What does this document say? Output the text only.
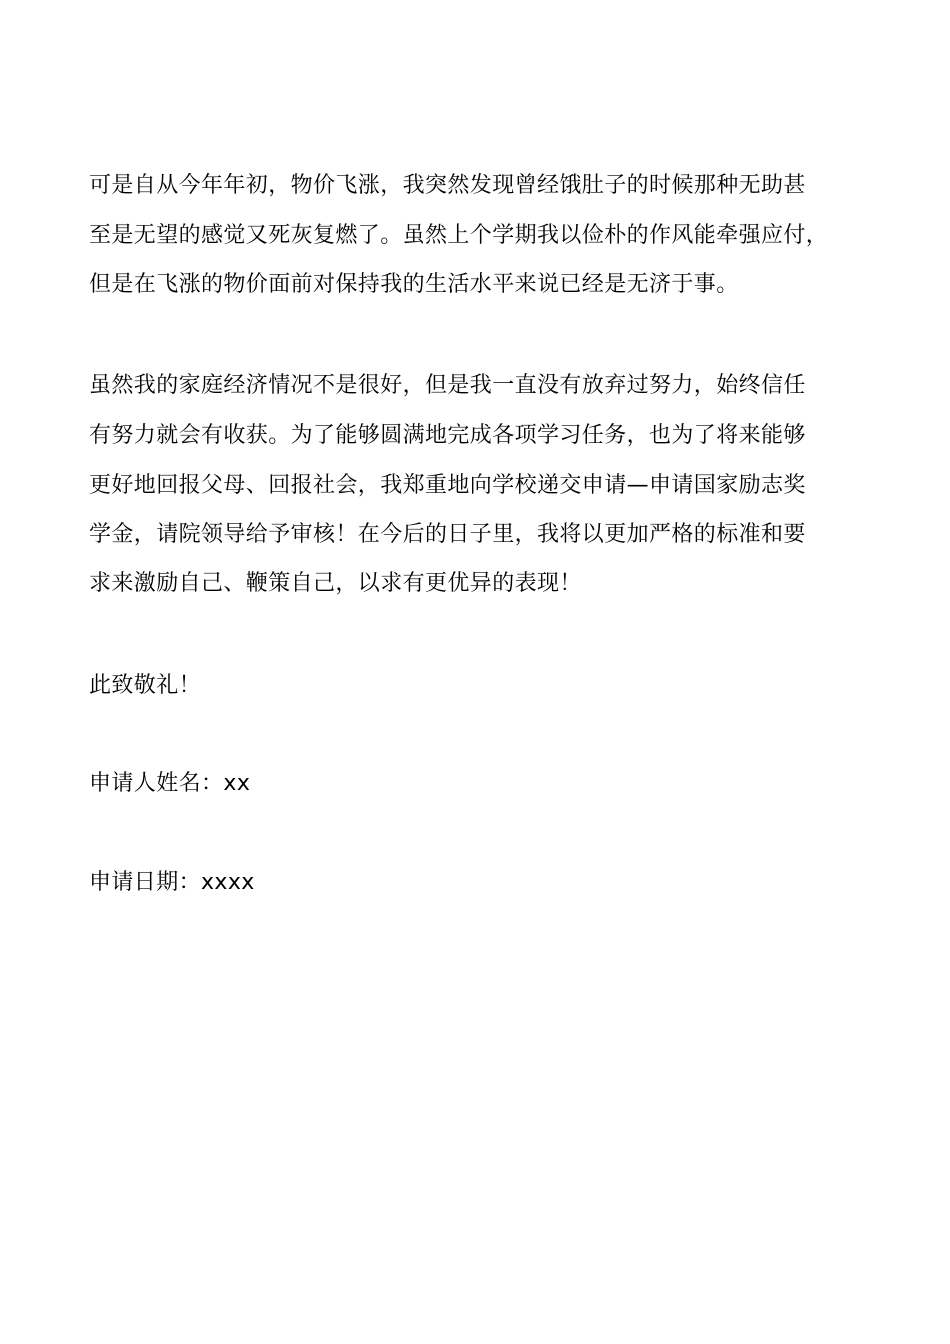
可是自从今年年初，物价飞涨，我突然发现曾经饿肚子的时候那种无助甚
至是无望的感觉又死灰复燃了。虽然上个学期我以俭朴的作风能牵强应付，
但是在飞涨的物价面前对保持我的生活水平来说已经是无济于事。
虽然我的家庭经济情况不是很好，但是我一直没有放弃过努力，始终信任
有努力就会有收获。为了能够圆满地完成各项学习任务，也为了将来能够
更好地回报父母、回报社会，我郑重地向学校递交申请—申请国家励志奖
学金，请院领导给予审核！在今后的日子里，我将以更加严格的标准和要
求来激励自己、鞭策自己，以求有更优异的表现！
此致敬礼！
申请人姓名：xx
申请日期：xxxx
